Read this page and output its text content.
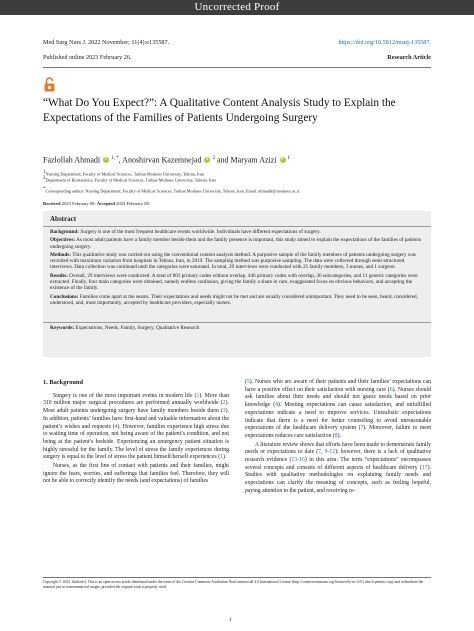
Uncorrected Proof
Med Surg Nurs J. 2022 November; 11(4):e135587.	https://doi.org/10.5812/msnj-135587.
Published online 2023 February 26.	Research Article
“What Do You Expect?”: A Qualitative Content Analysis Study to Explain the Expectations of the Families of Patients Undergoing Surgery
Fazlollah Ahmadi i $^{1, *}$, Anoshirvan Kazemnejad i $^2$ and Maryam Azizi i $^1$
1Nursing Department, Faculty of Medical Sciences, Tarbiat Modares University, Tehran, Iran
2Department of Biostatistics, Faculty of Medical Sciences, Tarbiat Modares University, Tehran, Iran
*Corresponding author: Nursing Department, Faculty of Medical Sciences, Tarbiat Modares University, Tehran, Iran. Email: ahmadif@modares.ac.ir
Received 2023 February 08; Accepted 2023 February 08.
Abstract

Background: Surgery is one of the most frequent healthcare events worldwide. Individuals have different expectations of surgery.

Objectives: As most adult patients have a family member beside them and the family presence is important, this study aimed to explain the expectations of the families of patients undergoing surgery.

Methods: This qualitative study was carried out using the conventional content analysis method. A purposive sample of the family members of patients undergoing surgery was recruited with maximum variation from hospitals in Tehran, Iran, in 2019. The sampling method was purposive sampling. The data were collected through semi-structured interviews. Data collection was continued until the categories were saturated. In total, 29 interviews were conducted with 25 family members, 3 nurses, and 1 surgeon.

Results: Overall, 29 interviews were conducted. A total of 801 primary codes without overlap, 446 primary codes with overlap, 36 subcategories, and 11 generic categories were extracted. Finally, four main categories were obtained, namely endless confusion, giving the family a share in care, exaggerated focus on obvious behaviors, and accepting the existence of the family.

Conclusions: Families come apart at the seams. Their expectations and needs might not be met and are usually considered unimportant. They need to be seen, heard, considered, understood, and, most importantly, accepted by healthcare providers, especially nurses.

Keywords: Expectations, Needs, Family, Surgery, Qualitative Research

1. Background

Surgery is one of the most important events in modern life (1). More than 310 million major surgical procedures are performed annually worldwide (2). Most adult patients undergoing surgery have family members beside them (3). In addition, patients’ families have first-hand and valuable information about the patient’s wishes and requests (4). However, families experience high stress due to waiting time of operation, not being aware of the patient’s condition, and not being at the patient’s bedside. Experiencing an emergency patient situation is highly stressful for the family. The level of stress the family experiences during surgery is equal to the level of stress the patient himself/herself experiences (1).

Nurses, as the first line of contact with patients and their families, might ignore the fears, worries, and sufferings that families feel. Therefore, they will not be able to correctly identify the needs (and expectations) of families

(5). Nurses who are aware of their patients and their families’ expectations can have a positive effect on their satisfaction with nursing care (6). Nurses should ask families about their needs and should not guess needs based on prior knowledge (4). Meeting expectations can cause satisfaction, and unfulfilled expectations indicate a need to improve services. Unrealistic expectations indicate that there is a need for better counseling to avoid unreasonable expectations of the healthcare delivery system (7). Moreover, failure to meet expectations reduces care satisfaction (8).

A literature review shows that efforts have been made to demonstrate family needs or expectations to date (7, 9-12); however, there is a lack of qualitative research evidence (13-16) in this area. The term “expectations” encompasses several concepts and consists of different aspects of healthcare delivery (17). Studies with qualitative methodologies on explaining family needs and expectations can clarify the meaning of concepts, such as feeling hopeful, paying attention to the patient, and receiving re-

Copyright © 2023, Author(s). This is an open-access article distributed under the terms of the Creative Commons Attribution-NonCommercial 4.0 International License (http://creativecommons.org/licenses/by-nc/4.0/) which permits copy and redistribute the material just in noncommercial usages, provided the original work is properly cited.
1
